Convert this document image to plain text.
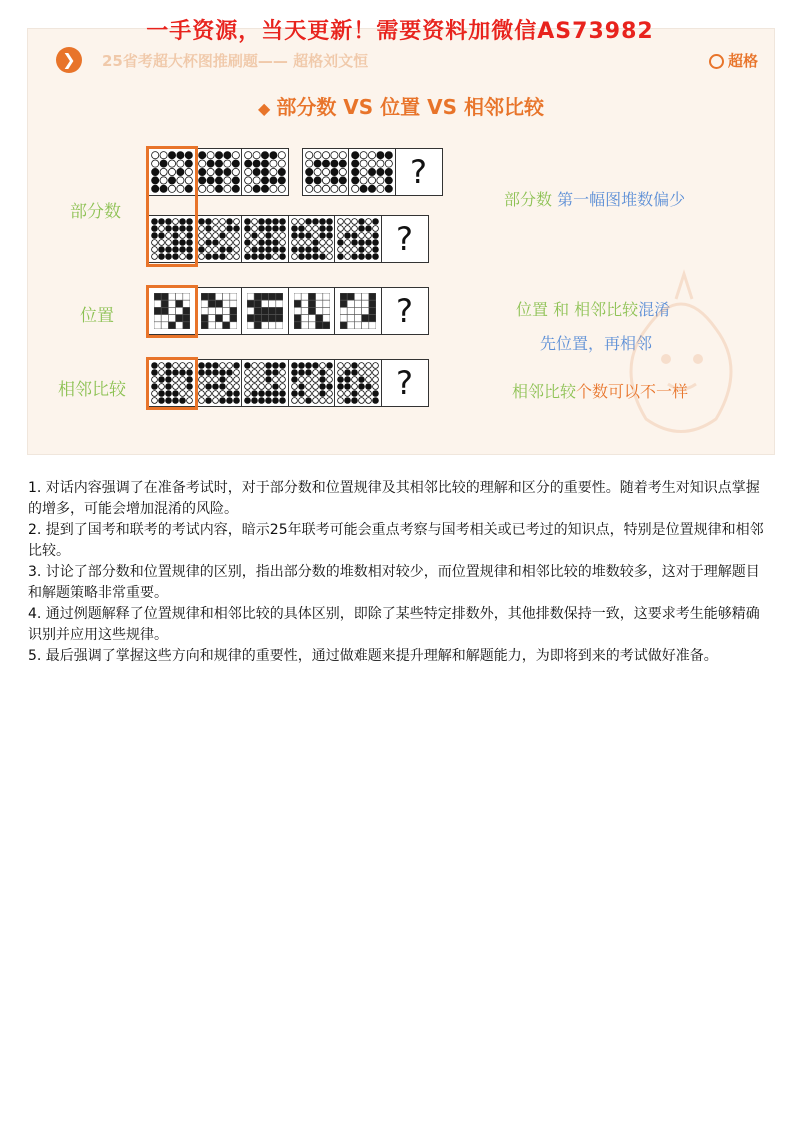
一手资源，当天更新！需要资料加微信AS73982
❯	25省考超大杯图推刷题—— 超格刘文恒	超格
◆ 部分数 VS 位置 VS 相邻比较
部分数
位置
相邻比较
?
?
?
?
部分数 第一幅图堆数偏少
位置 和 相邻比较混淆
先位置，再相邻
相邻比较个数可以不一样

1. 对话内容强调了在准备考试时，对于部分数和位置规律及其相邻比较的理解和区分的重要性。随着考生对知识点掌握的增多，可能会增加混淆的风险。

2. 提到了国考和联考的考试内容，暗示25年联考可能会重点考察与国考相关或已考过的知识点，特别是位置规律和相邻比较。

3. 讨论了部分数和位置规律的区别，指出部分数的堆数相对较少，而位置规律和相邻比较的堆数较多，这对于理解题目和解题策略非常重要。

4. 通过例题解释了位置规律和相邻比较的具体区别，即除了某些特定排数外，其他排数保持一致，这要求考生能够精确识别并应用这些规律。

5. 最后强调了掌握这些方向和规律的重要性，通过做难题来提升理解和解题能力，为即将到来的考试做好准备。
